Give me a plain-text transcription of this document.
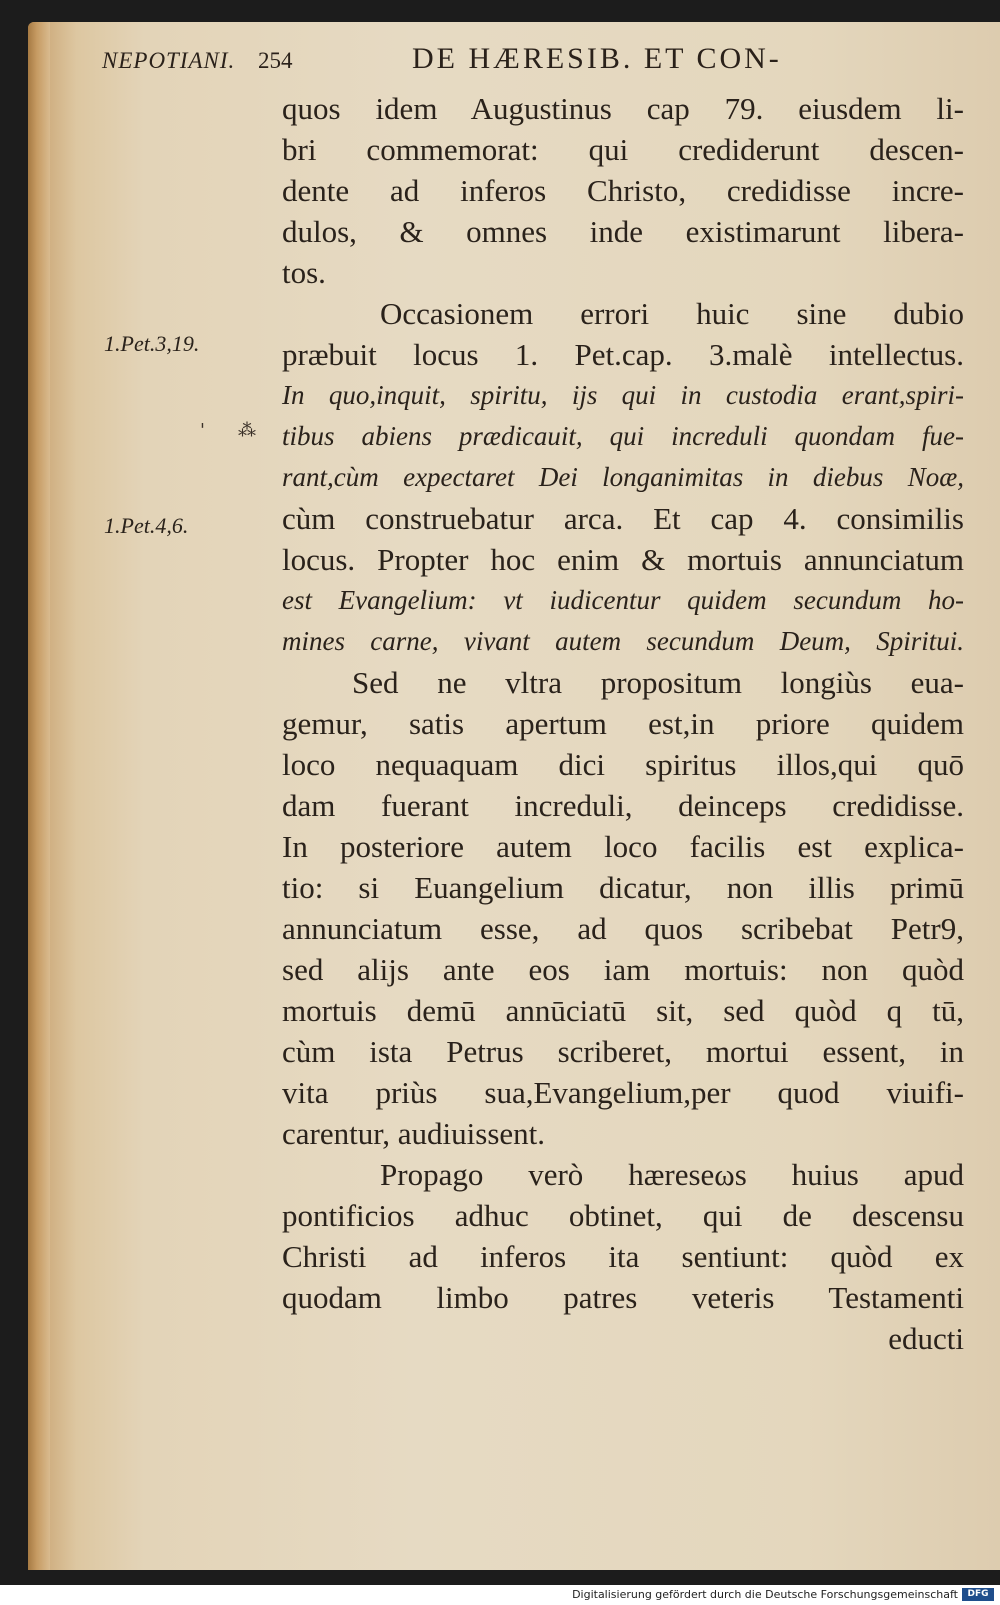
NEPOTIANI. 254	DE HÆRESIB. ET CON-
1.Pet.3,19.
' ⁂
1.Pet.4,6.
quos idem Augustinus cap 79. eiusdem li-
bri commemorat: qui crediderunt descen-
dente ad inferos Christo, credidisse incre-
dulos, & omnes inde existimarunt libera-
tos.
Occasionem errori huic sine dubio
præbuit locus 1. Pet.cap. 3.malè intellectus.
In quo,inquit, spiritu, ijs qui in custodia erant,spiri-
tibus abiens prædicauit, qui increduli quondam fue-
rant,cùm expectaret Dei longanimitas in diebus Noæ,
cùm construebatur arca. Et cap 4. consimilis
locus. Propter hoc enim & mortuis annunciatum
est Evangelium: vt iudicentur quidem secundum ho-
mines carne, vivant autem secundum Deum, Spiritui.
Sed ne vltra propositum longiùs eua-
gemur, satis apertum est,in priore quidem
loco nequaquam dici spiritus illos,qui quō
dam fuerant increduli, deinceps credidisse.
In posteriore autem loco facilis est explica-
tio: si Euangelium dicatur, non illis primū
annunciatum esse, ad quos scribebat Petr9,
sed alijs ante eos iam mortuis: non quòd
mortuis demū annūciatū sit, sed quòd q tū,
cùm ista Petrus scriberet, mortui essent, in
vita priùs sua,Evangelium,per quod viuifi-
carentur, audiuissent.
Propago verò hæreseωs huius apud
pontificios adhuc obtinet, qui de descensu
Christi ad inferos ita sentiunt: quòd ex
quodam limbo patres veteris Testamenti
educti
Digitalisierung gefördert durch die Deutsche Forschungsgemeinschaft	DFG
